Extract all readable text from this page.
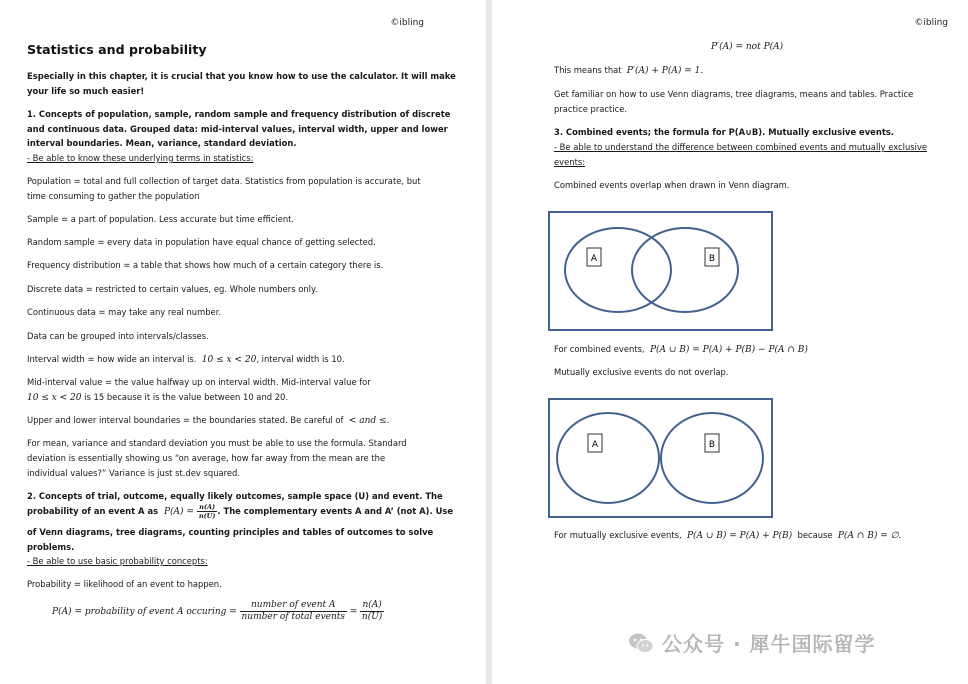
©ibling
Statistics and probability
Especially in this chapter, it is crucial that you know how to use the calculator. It will make
your life so much easier!
1. Concepts of population, sample, random sample and frequency distribution of discrete
and continuous data. Grouped data: mid-interval values, interval width, upper and lower
interval boundaries. Mean, variance, standard deviation.
- Be able to know these underlying terms in statistics:
Population = total and full collection of target data. Statistics from population is accurate, but
time consuming to gather the population
Sample = a part of population. Less accurate but time efficient.
Random sample = every data in population have equal chance of getting selected.
Frequency distribution = a table that shows how much of a certain category there is.
Discrete data = restricted to certain values, eg. Whole numbers only.
Continuous data = may take any real number.
Data can be grouped into intervals/classes.
Interval width = how wide an interval is. 10 ≤ x < 20, interval width is 10.
Mid-interval value = the value halfway up on interval width. Mid-interval value for
10 ≤ x < 20 is 15 because it is the value between 10 and 20.
Upper and lower interval boundaries = the boundaries stated. Be careful of < and ≤.
For mean, variance and standard deviation you must be able to use the formula. Standard
deviation is essentially showing us “on average, how far away from the mean are the
individual values?” Variance is just st.dev squared.
2. Concepts of trial, outcome, equally likely outcomes, sample space (U) and event. The
probability of an event A as $P(A) = \frac{n(A)}{n(U)}$ . The complementary events A and A’ (not A). Use
of Venn diagrams, tree diagrams, counting principles and tables of outcomes to solve
problems.
- Be able to use basic probability concepts:
Probability = likelihood of an event to happen.
P(A) = probability of event A occuring = $\frac{\text{number of event A}}{\text{number of total events}} = \frac{n(A)}{n(U)}$
©ibling
P′(A) = not P(A)
This means that P′(A) + P(A) = 1.
Get familiar on how to use Venn diagrams, tree diagrams, means and tables. Practice
practice practice.
3. Combined events; the formula for P(A∪B). Mutually exclusive events.
- Be able to understand the difference between combined events and mutually exclusive
events:
Combined events overlap when drawn in Venn diagram.
A	B
For combined events, P(A ∪ B) = P(A) + P(B) − P(A ∩ B)
Mutually exclusive events do not overlap.
A	B
For mutually exclusive events, P(A ∪ B) = P(A) + P(B) because P(A ∩ B) = ∅.
公众号 · 犀牛国际留学
